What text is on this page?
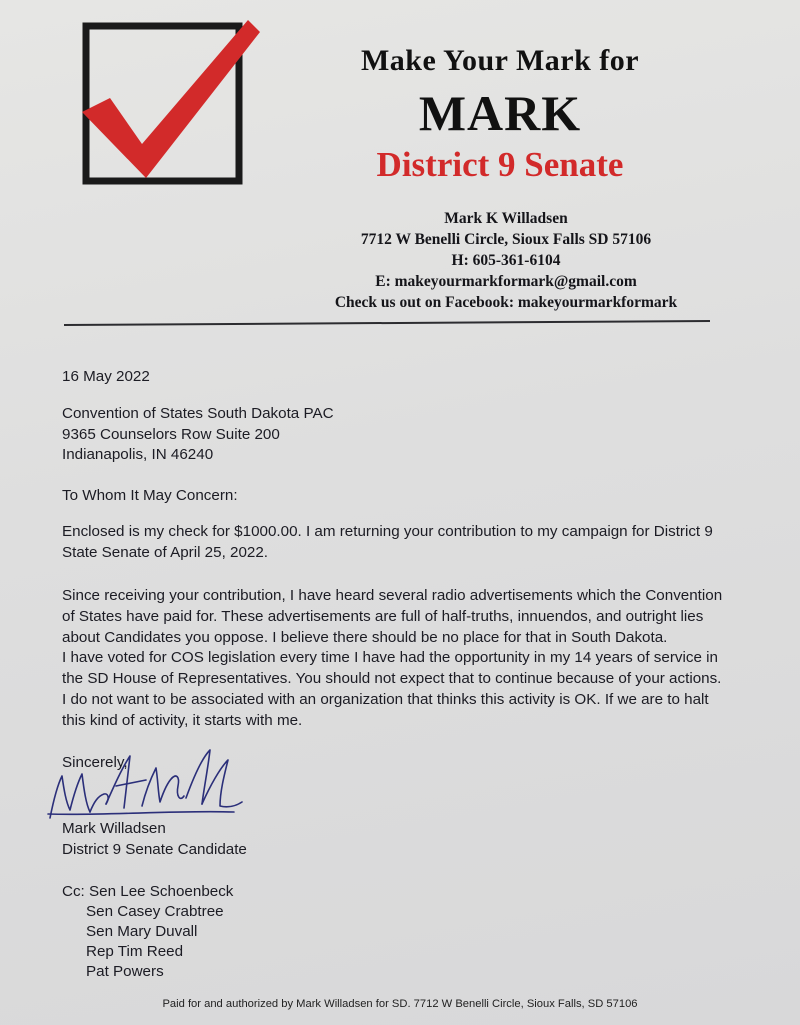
Make Your Mark for
MARK
District 9 Senate
Mark K Willadsen
7712 W Benelli Circle, Sioux Falls SD 57106
H: 605-361-6104
E: makeyourmarkformark@gmail.com
Check us out on Facebook: makeyourmarkformark
16 May 2022
Convention of States South Dakota PAC
9365 Counselors Row Suite 200
Indianapolis, IN 46240
To Whom It May Concern:
Enclosed is my check for $1000.00. I am returning your contribution to my campaign for District 9
State Senate of April 25, 2022.
Since receiving your contribution, I have heard several radio advertisements which the Convention
of States have paid for. These advertisements are full of half-truths, innuendos, and outright lies
about Candidates you oppose. I believe there should be no place for that in South Dakota.
I have voted for COS legislation every time I have had the opportunity in my 14 years of service in
the SD House of Representatives. You should not expect that to continue because of your actions.
I do not want to be associated with an organization that thinks this activity is OK. If we are to halt
this kind of activity, it starts with me.
Sincerely,
Mark Willadsen
District 9 Senate Candidate
Cc: Sen Lee Schoenbeck
Sen Casey Crabtree
Sen Mary Duvall
Rep Tim Reed
Pat Powers
Paid for and authorized by Mark Willadsen for SD. 7712 W Benelli Circle, Sioux Falls, SD 57106
